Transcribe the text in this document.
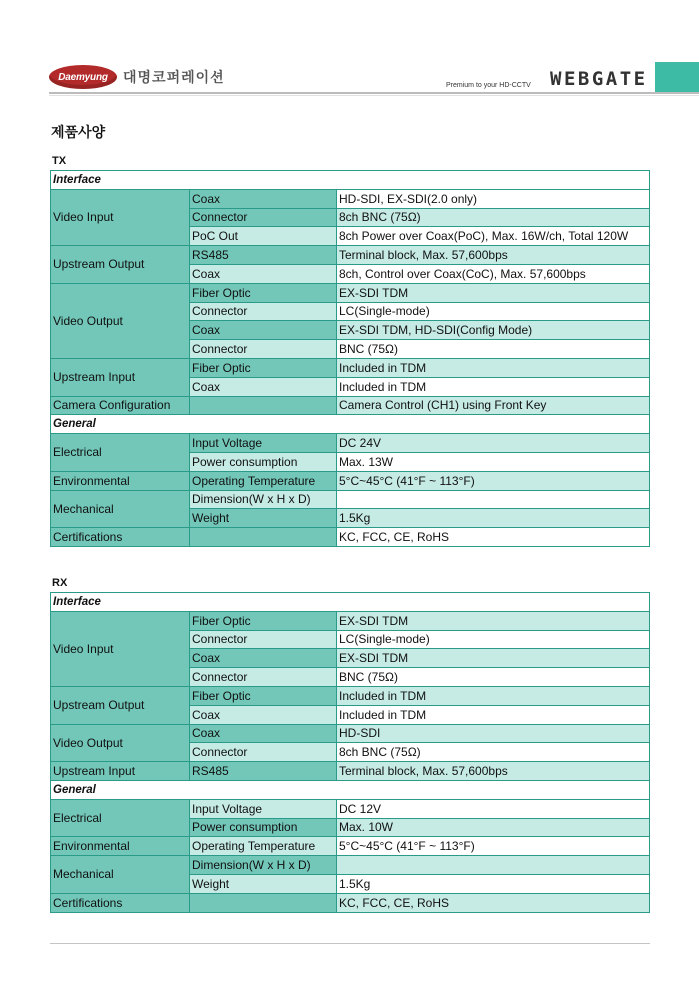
Daemyung 대명코퍼레이션	Premium to your HD-CCTV WEBGATE
제품사양
TX
Interface		
Video Input	Coax	HD-SDI, EX-SDI(2.0 only)
	Connector	8ch BNC (75Ω)
	PoC Out	8ch Power over Coax(PoC), Max. 16W/ch, Total 120W
Upstream Output	RS485	Terminal block, Max. 57,600bps
	Coax	8ch, Control over Coax(CoC), Max. 57,600bps
Video Output	Fiber Optic	EX-SDI TDM
	Connector	LC(Single-mode)
	Coax	EX-SDI TDM, HD-SDI(Config Mode)
	Connector	BNC (75Ω)
Upstream Input	Fiber Optic	Included in TDM
	Coax	Included in TDM
Camera Configuration		Camera Control (CH1) using Front Key
General		
Electrical	Input Voltage	DC 24V
	Power consumption	Max. 13W
Environmental	Operating Temperature	5°C~45°C (41°F ~ 113°F)
Mechanical	Dimension(W x H x D)	
	Weight	1.5Kg
Certifications		KC, FCC, CE, RoHS
RX
Interface		
Video Input	Fiber Optic	EX-SDI TDM
	Connector	LC(Single-mode)
	Coax	EX-SDI TDM
	Connector	BNC (75Ω)
Upstream Output	Fiber Optic	Included in TDM
	Coax	Included in TDM
Video Output	Coax	HD-SDI
	Connector	8ch BNC (75Ω)
Upstream Input	RS485	Terminal block, Max. 57,600bps
General		
Electrical	Input Voltage	DC 12V
	Power consumption	Max. 10W
Environmental	Operating Temperature	5°C~45°C (41°F ~ 113°F)
Mechanical	Dimension(W x H x D)	
	Weight	1.5Kg
Certifications		KC, FCC, CE, RoHS
